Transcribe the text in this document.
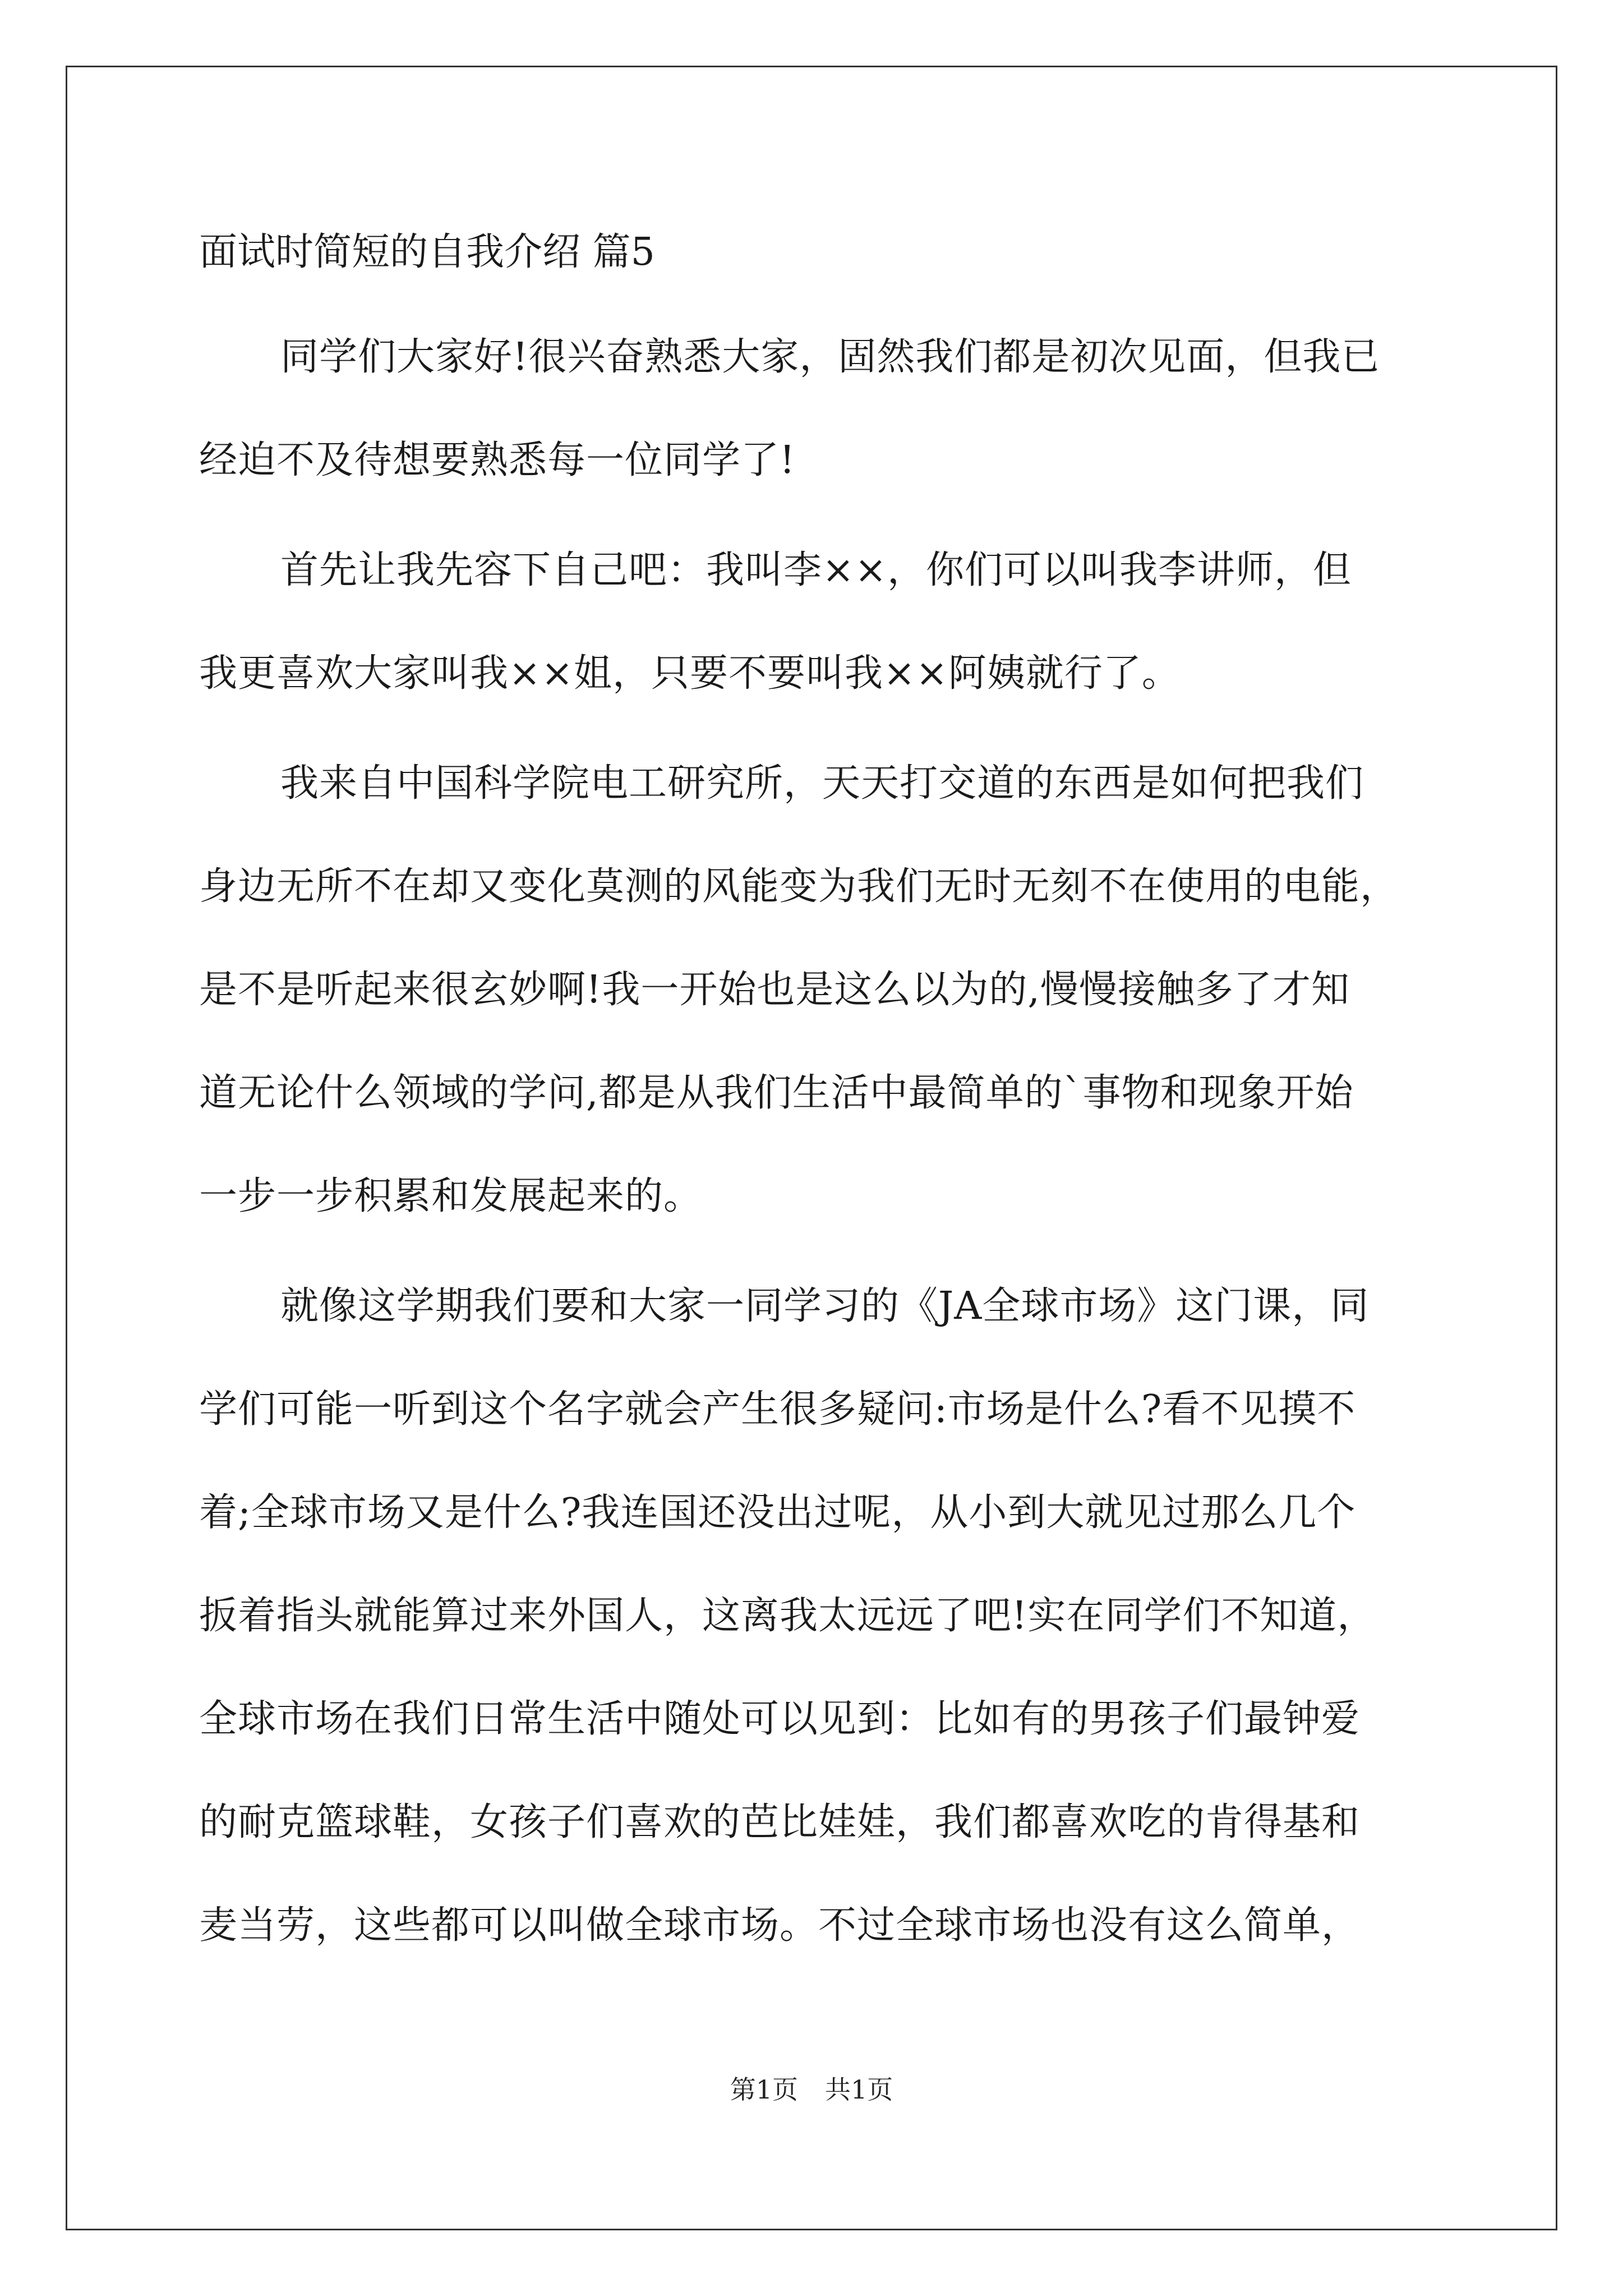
面试时简短的自我介绍 篇5
同学们大家好!很兴奋熟悉大家，固然我们都是初次见面，但我已
经迫不及待想要熟悉每一位同学了!
首先让我先容下自己吧：我叫李××，你们可以叫我李讲师，但
我更喜欢大家叫我××姐，只要不要叫我××阿姨就行了。
我来自中国科学院电工研究所，天天打交道的东西是如何把我们
身边无所不在却又变化莫测的风能变为我们无时无刻不在使用的电能，
是不是听起来很玄妙啊!我一开始也是这么以为的,慢慢接触多了才知
道无论什么领域的学问,都是从我们生活中最简单的`事物和现象开始
一步一步积累和发展起来的。
就像这学期我们要和大家一同学习的《JA全球市场》这门课，同
学们可能一听到这个名字就会产生很多疑问:市场是什么?看不见摸不
着;全球市场又是什么?我连国还没出过呢，从小到大就见过那么几个
扳着指头就能算过来外国人，这离我太远远了吧!实在同学们不知道，
全球市场在我们日常生活中随处可以见到：比如有的男孩子们最钟爱
的耐克篮球鞋，女孩子们喜欢的芭比娃娃，我们都喜欢吃的肯得基和
麦当劳，这些都可以叫做全球市场。不过全球市场也没有这么简单，
第1页 共1页
